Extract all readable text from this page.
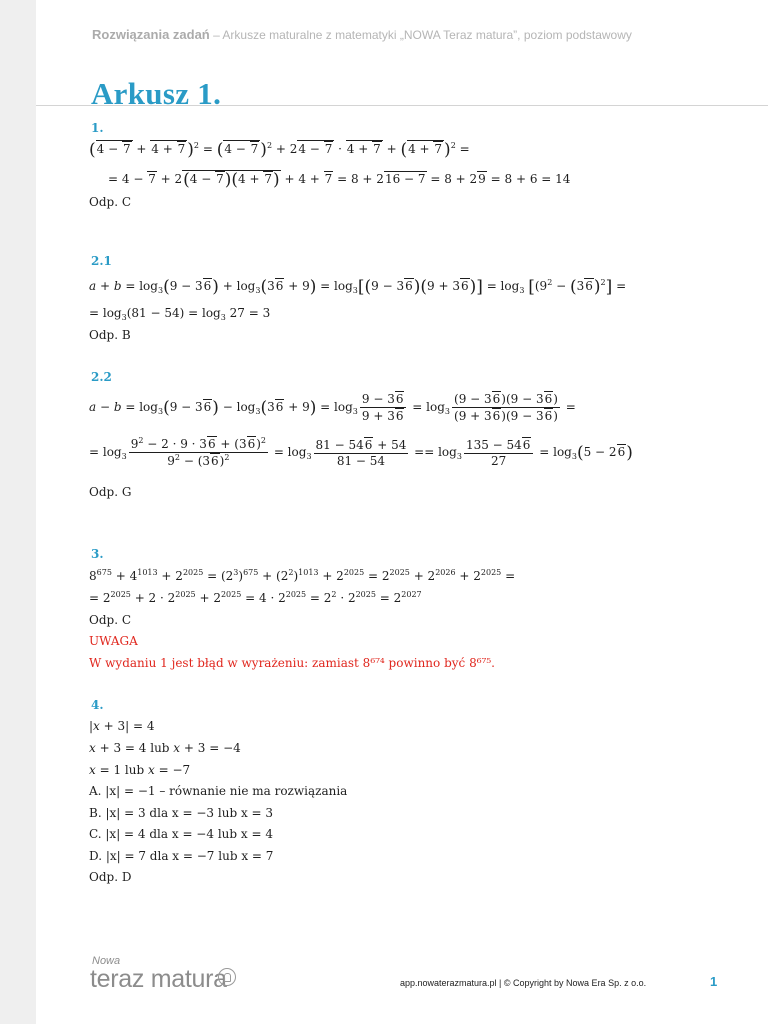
Rozwiązania zadań – Arkusze maturalne z matematyki „NOWA Teraz matura”, poziom podstawowy
Arkusz 1.
1.
(4 − 7 + 4 + 7 )$^2$ = (4 − 7 )$^2$ + 24 − 7 · 4 + 7 + (4 + 7 )$^2$ =
= 4 − 7 + 2(4 − 7)(4 + 7) + 4 + 7 = 8 + 216 − 7 = 8 + 29 = 8 + 6 = 14
Odp. C
2.1
$a + b = \log_3(9 - 36) + \log_3(36 + 9) = \log_3[(9 - 36)(9 + 36)] = \log_3 [(9^2 - (36)^2]$ =
= $\log_3(81 - 54) = \log_3 27 = 3$
Odp. B
2.2
$a - b = \log_3(9 - 36) - \log_3(36 + 9) = \log_3 \frac{9 - 36}{9 + 36} = \log_3 \frac{(9 - 36)(9 - 36)}{(9 + 36)(9 - 36)}$ =
= $\log_3 \frac{9^2 - 2 \cdot 9 \cdot 36 + (36)^2}{9^2 - (36)^2} = \log_3 \frac{81 - 546 + 54}{81 - 54} == \log_3 \frac{135 - 546}{27} = \log_3(5 - 26)$
Odp. G
3.
$8^{675} + 4^{1013} + 2^{2025} = (2^3)^{675} + (2^2)^{1013} + 2^{2025} = 2^{2025} + 2^{2026} + 2^{2025}$ =
= $2^{2025} + 2 \cdot 2^{2025} + 2^{2025} = 4 \cdot 2^{2025} = 2^2 \cdot 2^{2025} = 2^{2027}$
Odp. C
UWAGA
W wydaniu 1 jest błąd w wyrażeniu: zamiast 8⁶⁷⁴ powinno być 8⁶⁷⁵.
4.
|x + 3| = 4
x + 3 = 4 lub x + 3 = −4
x = 1 lub x = −7
A. |x| = −1 – równanie nie ma rozwiązania
B. |x| = 3 dla x = −3 lub x = 3
C. |x| = 4 dla x = −4 lub x = 4
D. |x| = 7 dla x = −7 lub x = 7
Odp. D
Nowa
teraz matura	app.nowaterazmatura.pl | © Copyright by Nowa Era Sp. z o.o.	1
